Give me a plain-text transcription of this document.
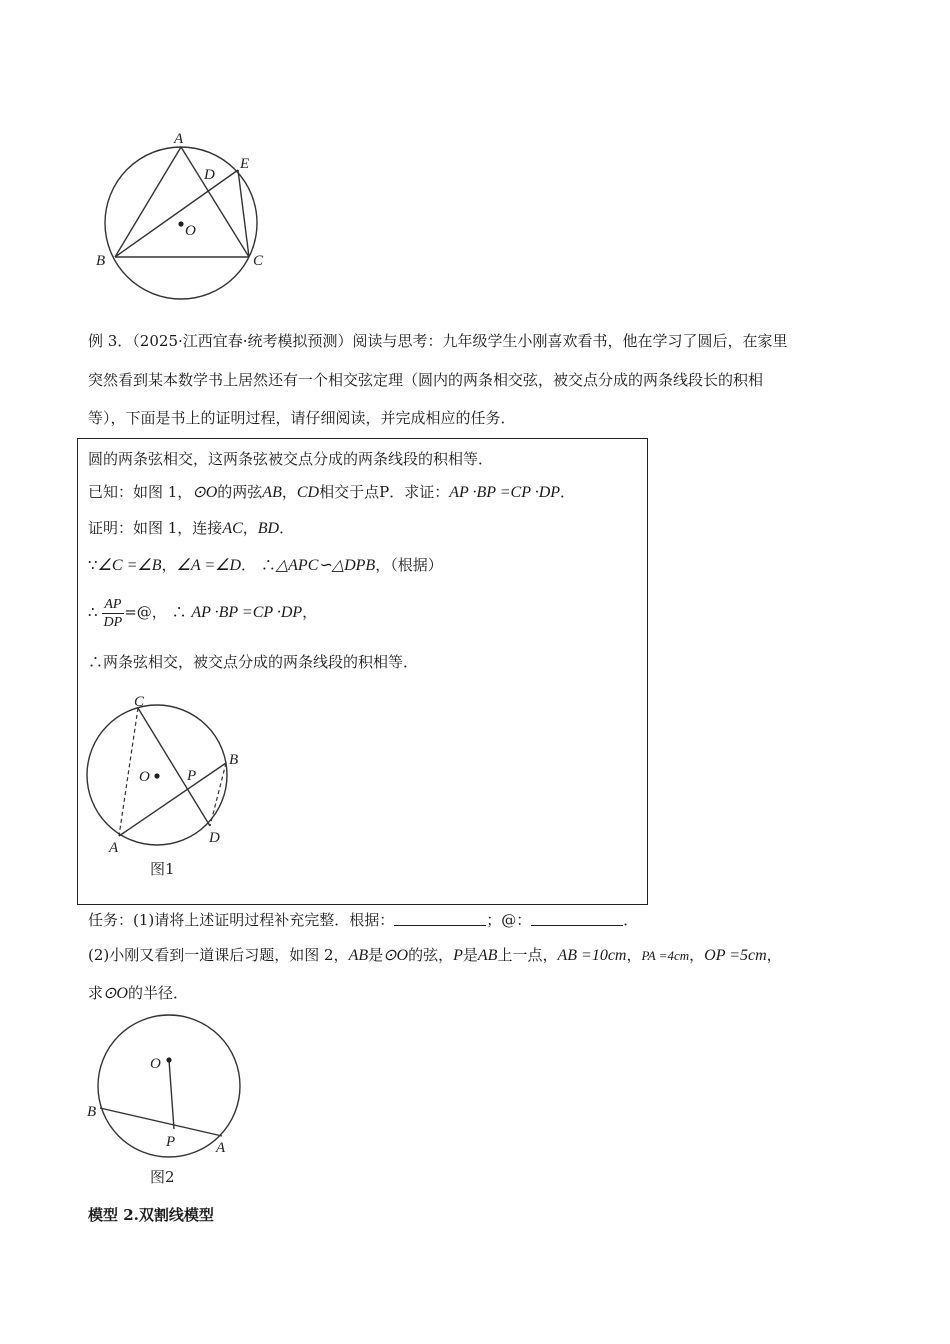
A
E
D
O
B	C
例 3．（2025·江西宜春·统考模拟预测）阅读与思考：九年级学生小刚喜欢看书，他在学习了圆后，在家里
突然看到某本数学书上居然还有一个相交弦定理（圆内的两条相交弦，被交点分成的两条线段长的积相
等），下面是书上的证明过程，请仔细阅读，并完成相应的任务．
圆的两条弦相交，这两条弦被交点分成的两条线段的积相等．
已知：如图 1，⊙O的两弦AB，CD相交于点P．求证：AP ·BP =CP ·DP．
证明：如图 1，连接AC，BD．
∵∠C =∠B，∠A =∠D． ∴△APC∽△DPB，（根据）
∴ $\frac{AP}{DP}$ =@， ∴ AP ·BP =CP ·DP，
∴两条弦相交，被交点分成的两条线段的积相等．
C
B
O P
A
D
图1
任务：(1)请将上述证明过程补充完整．根据：	；@：	．
(2)小刚又看到一道课后习题，如图 2，AB是⊙O的弦，P是AB上一点，AB =10cm，PA =4cm，OP =5cm，
求⊙O的半径．
O
B
P	A
图2
模型 2.双割线模型
